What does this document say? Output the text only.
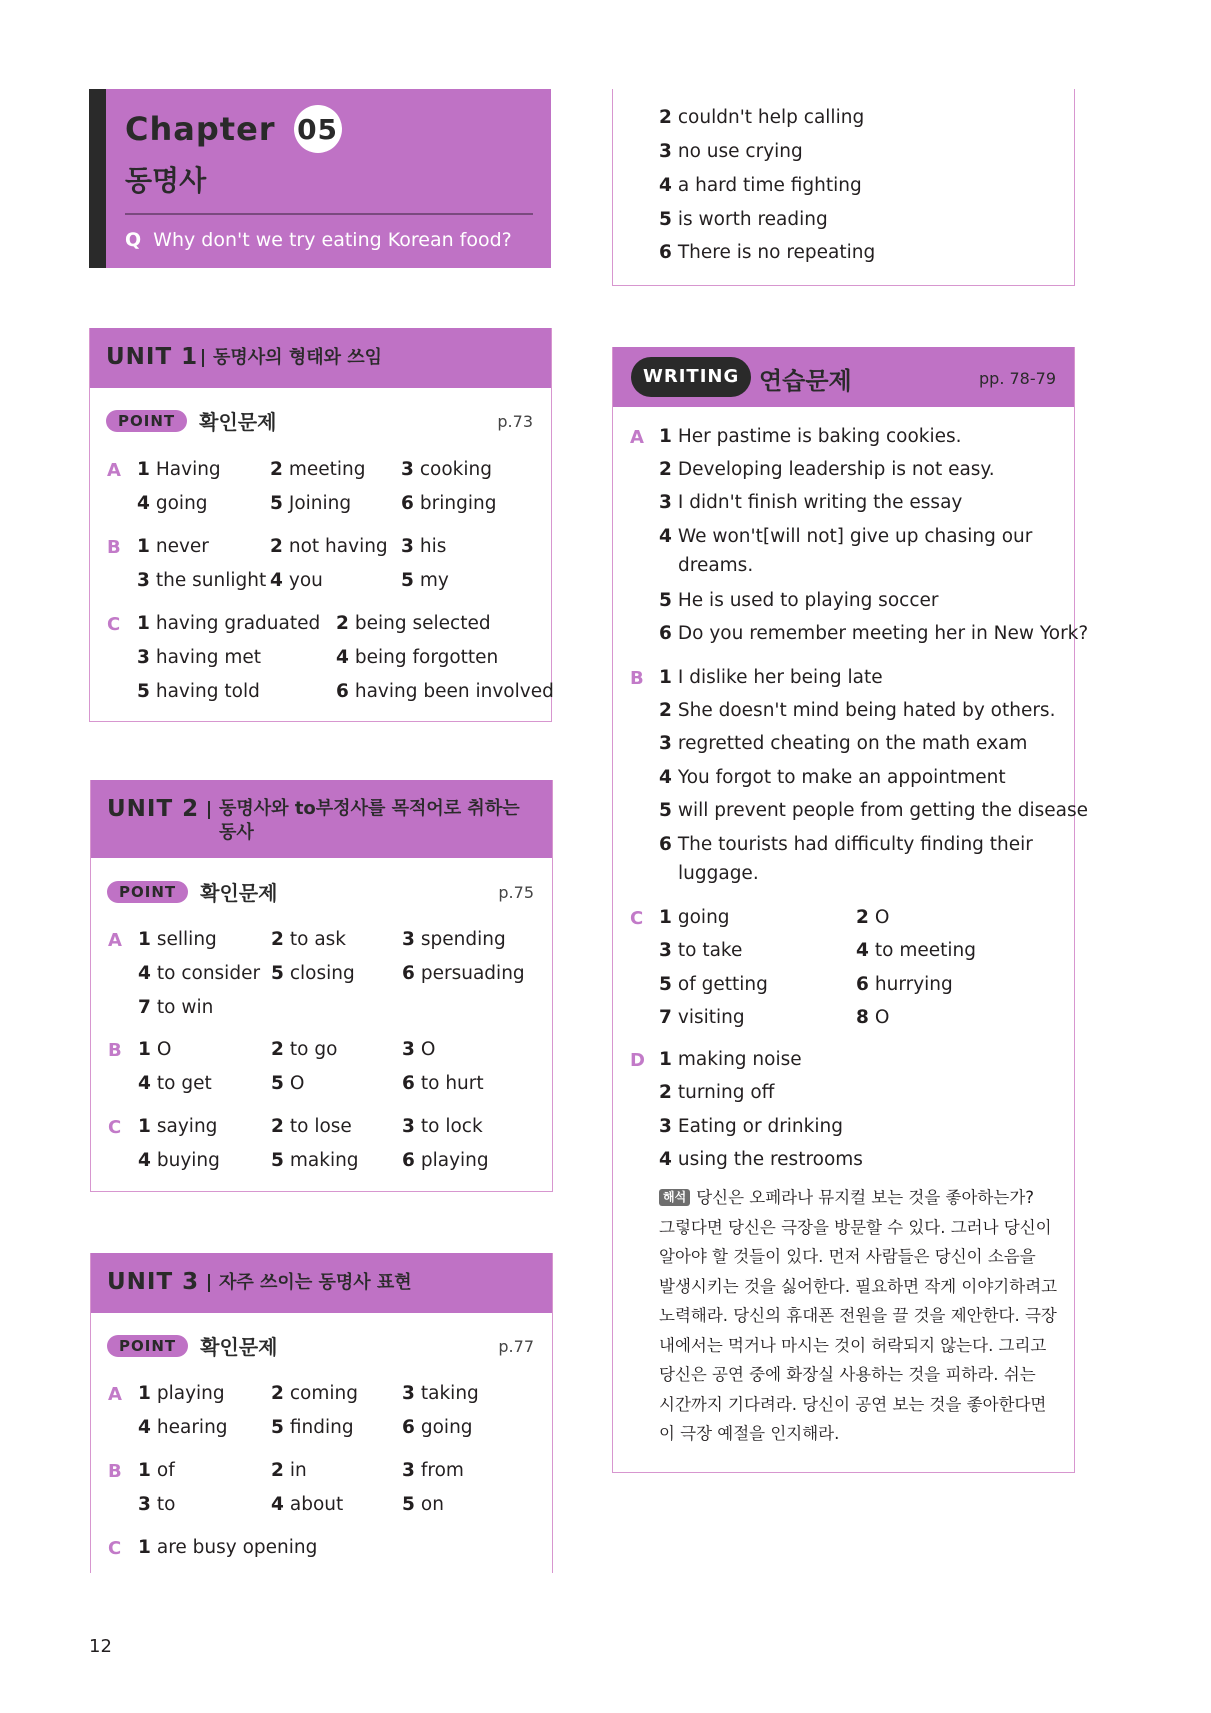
Chapter 05
동명사
Q Why don't we try eating Korean food?
2 couldn't help calling
3 no use crying
4 a hard time fighting
5 is worth reading
6 There is no repeating
UNIT 1 동명사의 형태와 쓰임
POINT	확인문제	p.73
A 1 Having	2 meeting 3 cooking
4 going	5 Joining	6 bringing
B 1 never	2 not having 3 his
3 the sunlight 4 you	5 my
C 1 having graduated 2 being selected
3 having met	4 being forgotten
5 having told	6 having been involved
UNIT 2 동명사와 to부정사를 목적어로 취하는
동사
POINT	확인문제	p.75
A 1 selling	2 to ask	3 spending
4 to consider 5 closing	6 persuading
7 to win
B 1 O	2 to go	3 O
4 to get	5 O	6 to hurt
C 1 saying	2 to lose	3 to lock
4 buying	5 making 6 playing
UNIT 3 자주 쓰이는 동명사 표현
POINT	확인문제	p.77
A 1 playing	2 coming 3 taking
4 hearing 5 finding	6 going
B 1 of	2 in	3 from
3 to	4 about	5 on
C 1 are busy opening
WRITING 연습문제	pp. 78-79
A 1 Her pastime is baking cookies.
2 Developing leadership is not easy.
3 I didn't finish writing the essay
4 We won't[will not] give up chasing our
dreams.
5 He is used to playing soccer
6 Do you remember meeting her in New York?
B 1 I dislike her being late
2 She doesn't mind being hated by others.
3 regretted cheating on the math exam
4 You forgot to make an appointment
5 will prevent people from getting the disease
6 The tourists had difficulty finding their
luggage.
C 1 going	2 O
3 to take	4 to meeting
5 of getting	6 hurrying
7 visiting	8 O
D 1 making noise
2 turning off
3 Eating or drinking
4 using the restrooms
해석 당신은 오페라나 뮤지컬 보는 것을 좋아하는가?
그렇다면 당신은 극장을 방문할 수 있다. 그러나 당신이
알아야 할 것들이 있다. 먼저 사람들은 당신이 소음을
발생시키는 것을 싫어한다. 필요하면 작게 이야기하려고
노력해라. 당신의 휴대폰 전원을 끌 것을 제안한다. 극장
내에서는 먹거나 마시는 것이 허락되지 않는다. 그리고
당신은 공연 중에 화장실 사용하는 것을 피하라. 쉬는
시간까지 기다려라. 당신이 공연 보는 것을 좋아한다면
이 극장 예절을 인지해라.
12
